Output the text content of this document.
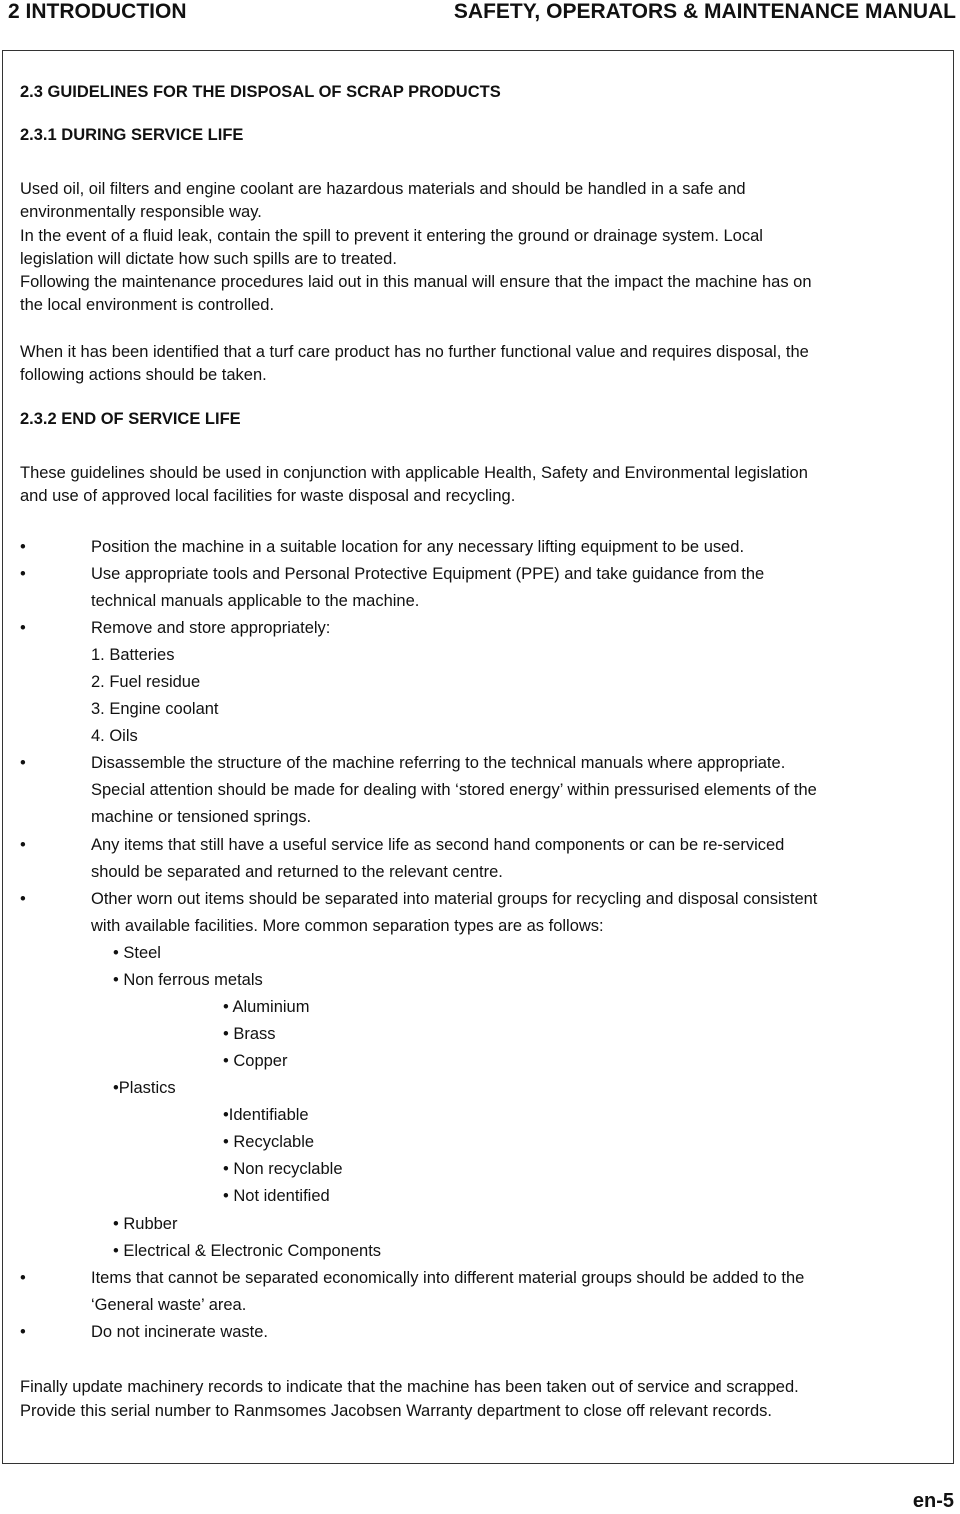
2 INTRODUCTION	SAFETY, OPERATORS & MAINTENANCE MANUAL
2.3 GUIDELINES FOR THE DISPOSAL OF SCRAP PRODUCTS
2.3.1 DURING SERVICE LIFE
Used oil, oil filters and engine coolant are hazardous materials and should be handled in a safe and
environmentally responsible way.
In the event of a fluid leak, contain the spill to prevent it entering the ground or drainage system. Local
legislation will dictate how such spills are to treated.
Following the maintenance procedures laid out in this manual will ensure that the impact the machine has on
the local environment is controlled.
When it has been identified that a turf care product has no further functional value and requires disposal, the
following actions should be taken.
2.3.2 END OF SERVICE LIFE
These guidelines should be used in conjunction with applicable Health, Safety and Environmental legislation
and use of approved local facilities for waste disposal and recycling.
•	Position the machine in a suitable location for any necessary lifting equipment to be used.
•	Use appropriate tools and Personal Protective Equipment (PPE) and take guidance from the
technical manuals applicable to the machine.
•	Remove and store appropriately:
1. Batteries
2. Fuel residue
3. Engine coolant
4. Oils
•	Disassemble the structure of the machine referring to the technical manuals where appropriate.
Special attention should be made for dealing with ‘stored energy’ within pressurised elements of the
machine or tensioned springs.
•	Any items that still have a useful service life as second hand components or can be re-serviced
should be separated and returned to the relevant centre.
•	Other worn out items should be separated into material groups for recycling and disposal consistent
with available facilities. More common separation types are as follows:
• Steel
• Non ferrous metals
• Aluminium
• Brass
• Copper
•Plastics
•Identifiable
• Recyclable
• Non recyclable
• Not identified
• Rubber
• Electrical & Electronic Components
•	Items that cannot be separated economically into different material groups should be added to the
‘General waste’ area.
•	Do not incinerate waste.
Finally update machinery records to indicate that the machine has been taken out of service and scrapped.
Provide this serial number to Ranmsomes Jacobsen Warranty department to close off relevant records.
en-5
